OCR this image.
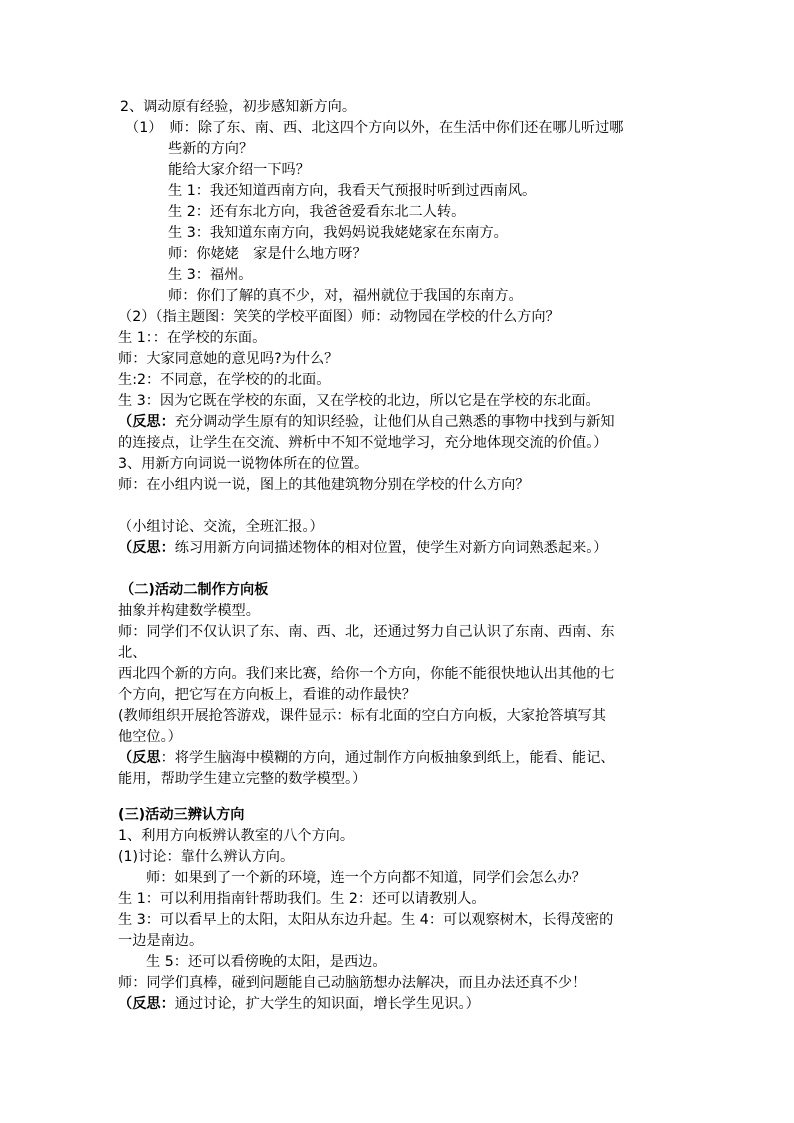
2、调动原有经验，初步感知新方向。
（1）　师：除了东、南、西、北这四个方向以外，在生活中你们还在哪儿听过哪
些新的方向？
能给大家介绍一下吗？
生 1：我还知道西南方向，我看天气预报时听到过西南风。
生 2：还有东北方向，我爸爸爱看东北二人转。
生 3：我知道东南方向，我妈妈说我姥姥家在东南方。
师：你姥姥　家是什么地方呀？
生 3：福州。
师：你们了解的真不少，对，福州就位于我国的东南方。
（2）（指主题图：笑笑的学校平面图）师：动物园在学校的什么方向？
生 1：：在学校的东面。
师：大家同意她的意见吗?为什么？
生:2：不同意，在学校的的北面。
生 3：因为它既在学校的东面，又在学校的北边，所以它是在学校的东北面。
（反思：充分调动学生原有的知识经验，让他们从自己熟悉的事物中找到与新知
的连接点，让学生在交流、辨析中不知不觉地学习，充分地体现交流的价值。）
3、用新方向词说一说物体所在的位置。
师：在小组内说一说，图上的其他建筑物分别在学校的什么方向？
（小组讨论、交流，全班汇报。）
（反思：练习用新方向词描述物体的相对位置，使学生对新方向词熟悉起来。）
（二)活动二制作方向板
抽象并构建数学模型。
师：同学们不仅认识了东、南、西、北，还通过努力自己认识了东南、西南、东
北、
西北四个新的方向。我们来比赛，给你一个方向，你能不能很快地认出其他的七
个方向，把它写在方向板上，看谁的动作最快？
(教师组织开展抢答游戏，课件显示：标有北面的空白方向板，大家抢答填写其
他空位。）
（反思：将学生脑海中模糊的方向，通过制作方向板抽象到纸上，能看、能记、
能用，帮助学生建立完整的数学模型。）
(三)活动三辨认方向
1、利用方向板辨认教室的八个方向。
(1)讨论：靠什么辨认方向。
师：如果到了一个新的环境，连一个方向都不知道，同学们会怎么办？
生 1：可以利用指南针帮助我们。生 2：还可以请教别人。
生 3：可以看早上的太阳，太阳从东边升起。生 4：可以观察树木，长得茂密的
一边是南边。
生 5：还可以看傍晚的太阳，是西边。
师：同学们真棒，碰到问题能自己动脑筋想办法解决，而且办法还真不少！
（反思：通过讨论，扩大学生的知识面，增长学生见识。）
